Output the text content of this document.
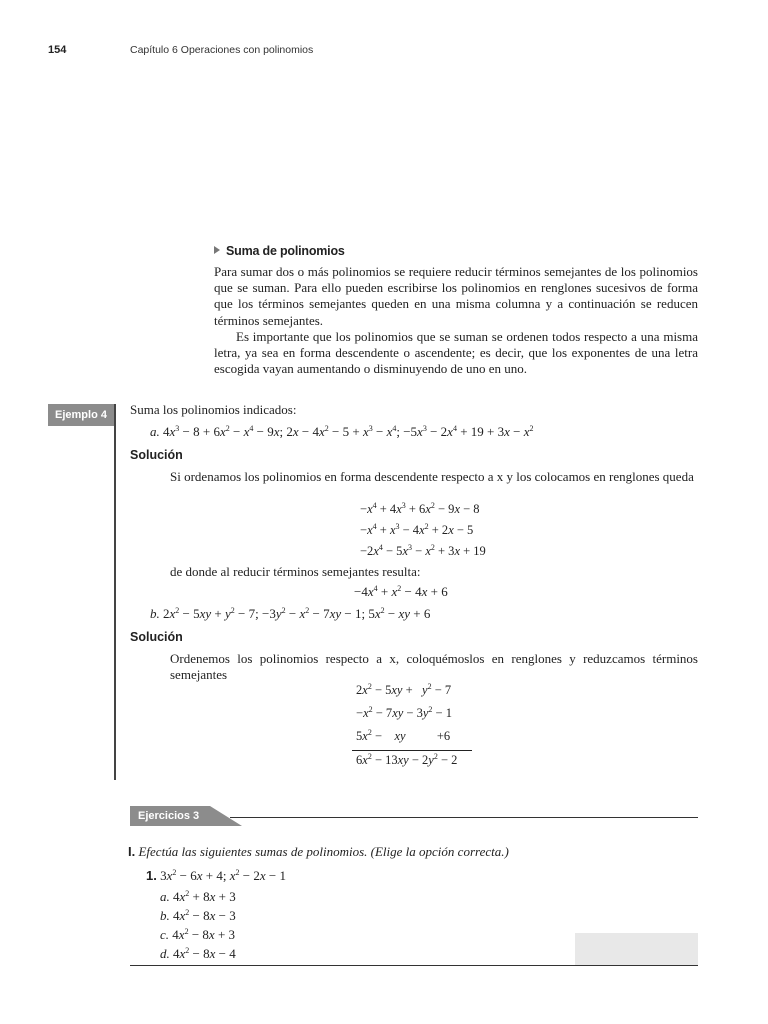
154	Capítulo 6 Operaciones con polinomios
Suma de polinomios
Para sumar dos o más polinomios se requiere reducir términos semejantes de los polinomios que se suman. Para ello pueden escribirse los polinomios en renglones sucesivos de forma que los términos semejantes queden en una misma columna y a continuación se reducen términos semejantes.
Es importante que los polinomios que se suman se ordenen todos respecto a una misma letra, ya sea en forma descendente o ascendente; es decir, que los exponentes de una letra escogida vayan aumentando o disminuyendo de uno en uno.
Ejemplo 4	Suma los polinomios indicados:
a. $4x^3 - 8 + 6x^2 - x^4 - 9x$; $2x - 4x^2 - 5 + x^3 - x^4$; $-5x^3 - 2x^4 + 19 + 3x - x^2$
Solución
Si ordenamos los polinomios en forma descendente respecto a x y los colocamos en renglones queda
$-x^4 + 4x^3 + 6x^2 - 9x - 8$
$-x^4 + x^3 - 4x^2 + 2x - 5$
$-2x^4 - 5x^3 - x^2 + 3x + 19$
de donde al reducir términos semejantes resulta:
$-4x^4 + x^2 - 4x + 6$
b. $2x^2 - 5xy + y^2 - 7$; $-3y^2 - x^2 - 7xy - 1$; $5x^2$ − xy + 6
Solución
Ordenemos los polinomios respecto a x, coloquémoslos en renglones y reduzcamos términos semejantes
$2x^2 - 5xy + y^2 - 7$
$-x^2 - 7xy - 3y^2 - 1$
$5x^2$ −    xy          +6
$6x^2 - 13xy - 2y^2 - 2$
Ejercicios 3
I. Efectúa las siguientes sumas de polinomios. (Elige la opción correcta.)
1. $3x^2 - 6x + 4$; $x^2 - 2x - 1$
a. $4x^2 + 8x + 3$
b. $4x^2 - 8x - 3$
c. $4x^2 - 8x + 3$
d. $4x^2 - 8x - 4$
